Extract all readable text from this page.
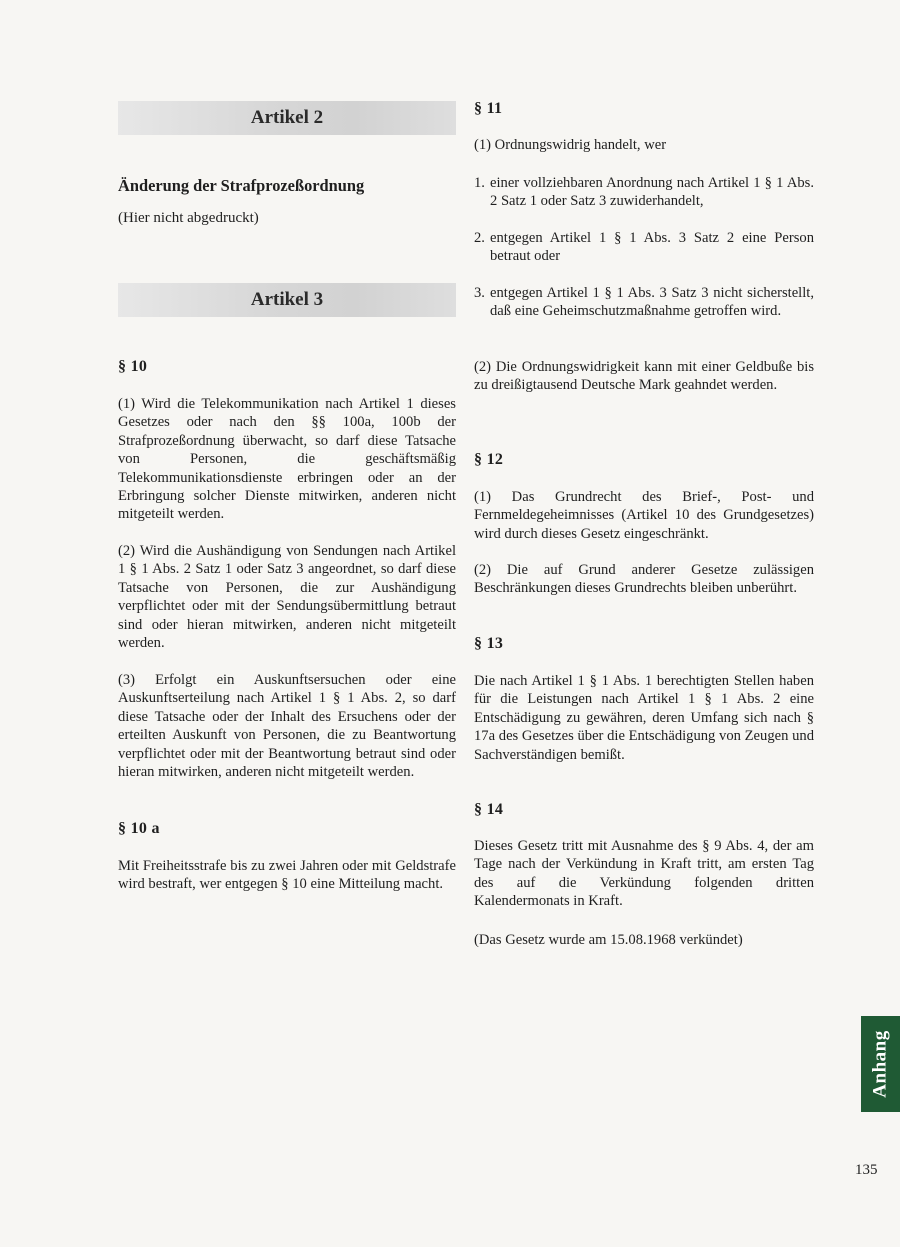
Artikel 2
Änderung der Strafprozeßordnung

(Hier nicht abgedruckt)

Artikel 3
§ 10

(1) Wird die Telekommunikation nach Artikel 1 dieses Gesetzes oder nach den §§ 100a, 100b der Strafprozeßordnung überwacht, so darf diese Tatsache von Personen, die geschäftsmäßig Telekommunikationsdienste erbringen oder an der Erbringung solcher Dienste mitwirken, anderen nicht mitgeteilt werden.

(2) Wird die Aushändigung von Sendungen nach Artikel 1 § 1 Abs. 2 Satz 1 oder Satz 3 angeordnet, so darf diese Tatsache von Personen, die zur Aushändigung verpflichtet oder mit der Sendungsübermittlung betraut sind oder hieran mitwirken, anderen nicht mitgeteilt werden.

(3) Erfolgt ein Auskunftsersuchen oder eine Auskunftserteilung nach Artikel 1 § 1 Abs. 2, so darf diese Tatsache oder der Inhalt des Ersuchens oder der erteilten Auskunft von Personen, die zu Beantwortung verpflichtet oder mit der Beantwortung betraut sind oder hieran mitwirken, anderen nicht mitgeteilt werden.

§ 10 a

Mit Freiheitsstrafe bis zu zwei Jahren oder mit Geldstrafe wird bestraft, wer entgegen § 10 eine Mitteilung macht.

§ 11

(1) Ordnungswidrig handelt, wer

1. einer vollziehbaren Anordnung nach Artikel 1 § 1 Abs. 2 Satz 1 oder Satz 3 zuwiderhandelt,
2. entgegen Artikel 1 § 1 Abs. 3 Satz 2 eine Person betraut oder
3. entgegen Artikel 1 § 1 Abs. 3 Satz 3 nicht sicherstellt, daß eine Geheimschutzmaßnahme getroffen wird.

(2) Die Ordnungswidrigkeit kann mit einer Geldbuße bis zu dreißigtausend Deutsche Mark geahndet werden.

§ 12

(1) Das Grundrecht des Brief-, Post- und Fernmeldegeheimnisses (Artikel 10 des Grundgesetzes) wird durch dieses Gesetz eingeschränkt.

(2) Die auf Grund anderer Gesetze zulässigen Beschränkungen dieses Grundrechts bleiben unberührt.

§ 13

Die nach Artikel 1 § 1 Abs. 1 berechtigten Stellen haben für die Leistungen nach Artikel 1 § 1 Abs. 2 eine Entschädigung zu gewähren, deren Umfang sich nach § 17a des Gesetzes über die Entschädigung von Zeugen und Sachverständigen bemißt.

§ 14

Dieses Gesetz tritt mit Ausnahme des § 9 Abs. 4, der am Tage nach der Verkündung in Kraft tritt, am ersten Tag des auf die Verkündung folgenden dritten Kalendermonats in Kraft.

(Das Gesetz wurde am 15.08.1968 verkündet)

Anhang
135
